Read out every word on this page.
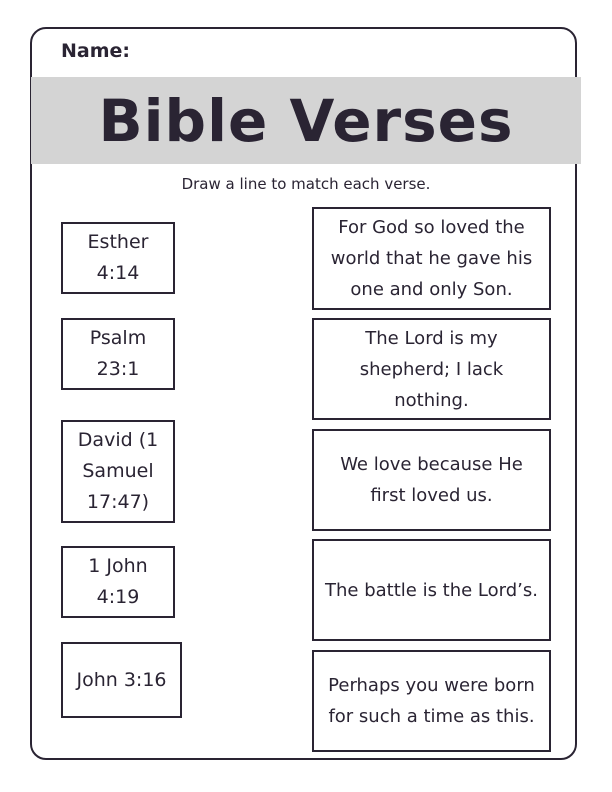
Name:
Bible Verses
Draw a line to match each verse.
Esther 4:14
Psalm 23:1
David (1 Samuel 17:47)
1 John 4:19
John 3:16
For God so loved the world that he gave his one and only Son.
The Lord is my shepherd; I lack nothing.
We love because He first loved us.
The battle is the Lord’s.
Perhaps you were born for such a time as this.
